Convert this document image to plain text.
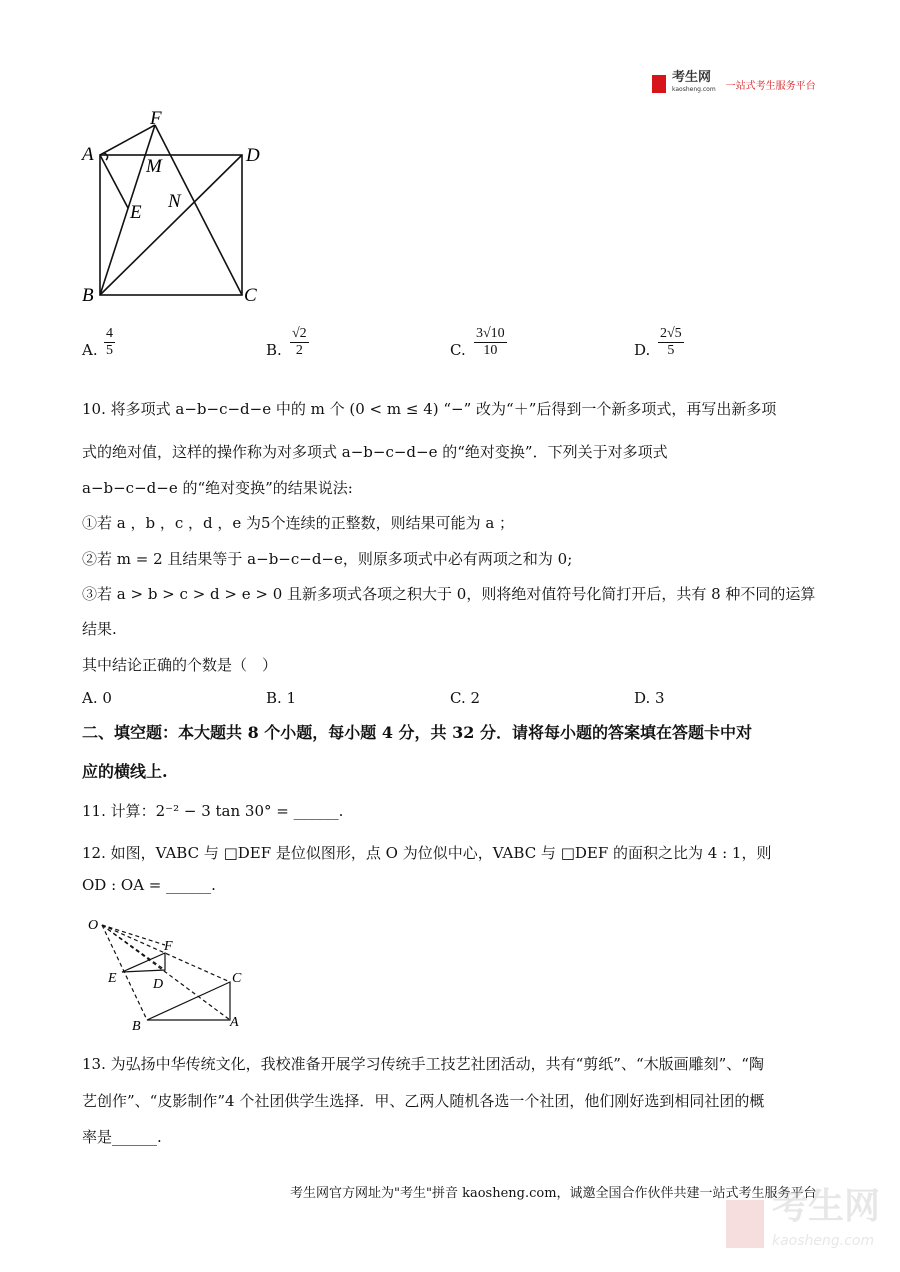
考生网
kaosheng.com 一站式考生服务平台
F
A
M
D
E
N
B	C
A. $\frac{4}{5}$	B. $\frac{√2}{2}$	C. $\frac{3√10}{10}$	D. $\frac{2√5}{5}$
10. 将多项式 a−b−c−d−e 中的 m 个 (0 < m ≤ 4) “−” 改为“＋”后得到一个新多项式，再写出新多项
式的绝对值，这样的操作称为对多项式 a−b−c−d−e 的“绝对变换”．下列关于对多项式
a−b−c−d−e 的“绝对变换”的结果说法:
①若 a ，b ，c ，d ，e 为5个连续的正整数，则结果可能为 a ；
②若 m = 2 且结果等于 a−b−c−d−e，则原多项式中必有两项之和为 0;
③若 a > b > c > d > e > 0 且新多项式各项之积大于 0，则将绝对值符号化简打开后，共有 8 种不同的运算
结果.
其中结论正确的个数是（　）
A. 0	B. 1	C. 2	D. 3
二、填空题：本大题共 8 个小题，每小题 4 分，共 32 分．请将每小题的答案填在答题卡中对
应的横线上.
11. 计算：2⁻² − 3 tan 30° = ______.
12. 如图，VABC 与 □DEF 是位似图形，点 O 为位似中心，VABC 与 □DEF 的面积之比为 4 : 1，则
OD : OA = ______.
O
F
E	D	C
B	A
13. 为弘扬中华传统文化，我校准备开展学习传统手工技艺社团活动，共有“剪纸”、“木版画雕刻”、“陶
艺创作”、“皮影制作”4 个社团供学生选择．甲、乙两人随机各选一个社团，他们刚好选到相同社团的概
率是______.
考生网官方网址为"考生"拼音 kaosheng.com，诚邀全国合作伙伴共建一站式考生服务平台
考生网
kaosheng.com
